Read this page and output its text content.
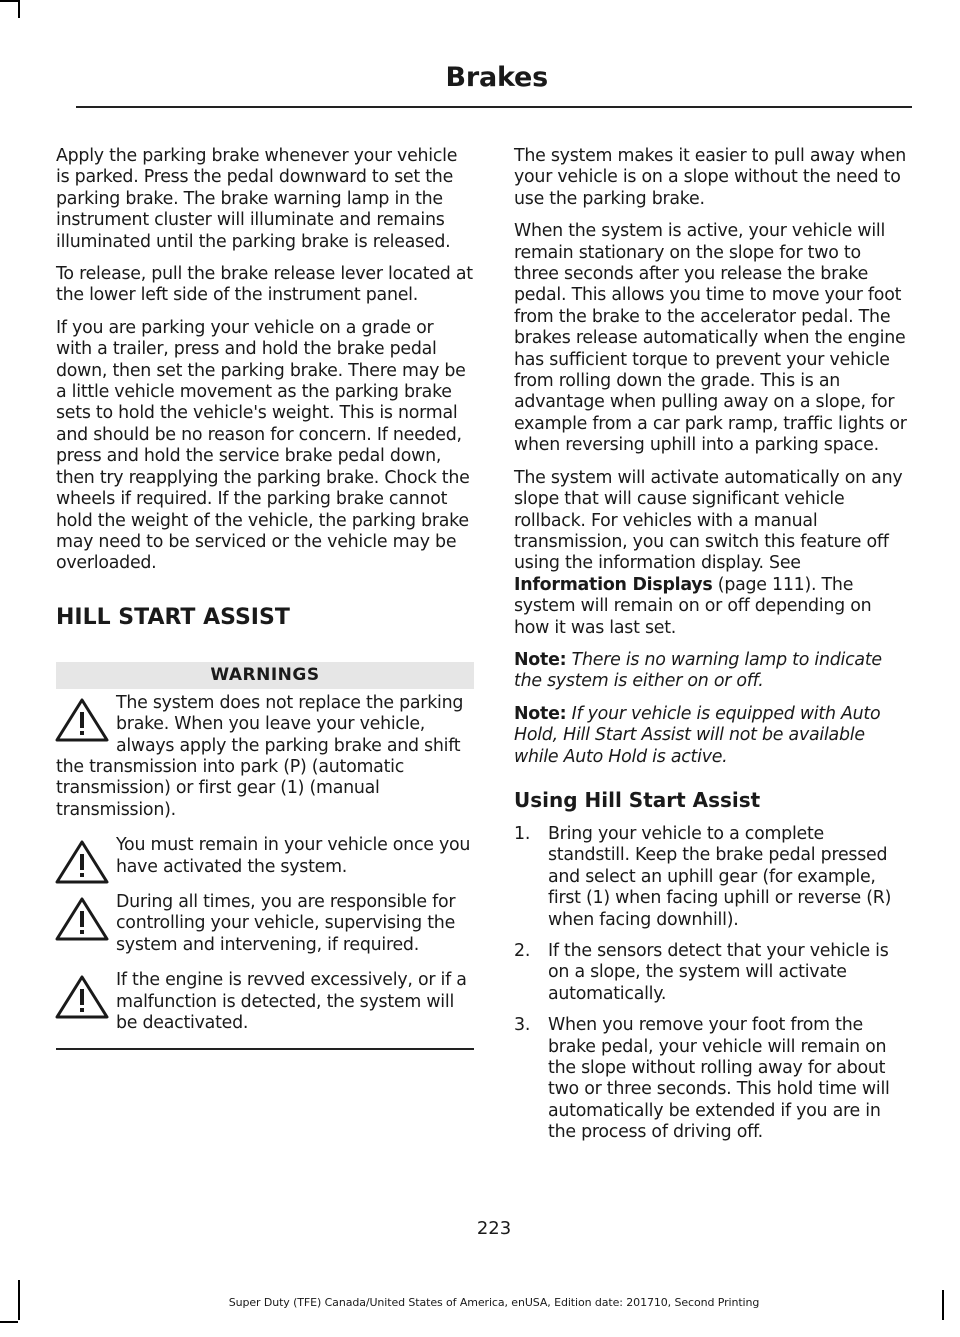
Brakes

Apply the parking brake whenever your vehicle is parked. Press the pedal downward to set the parking brake. The brake warning lamp in the instrument cluster will illuminate and remains illuminated until the parking brake is released.

To release, pull the brake release lever located at the lower left side of the instrument panel.

If you are parking your vehicle on a grade or with a trailer, press and hold the brake pedal down, then set the parking brake. There may be a little vehicle movement as the parking brake sets to hold the vehicle's weight. This is normal and should be no reason for concern. If needed, press and hold the service brake pedal down, then try reapplying the parking brake. Chock the wheels if required. If the parking brake cannot hold the weight of the vehicle, the parking brake may need to be serviced or the vehicle may be overloaded.

HILL START ASSIST
WARNINGS

The system does not replace the parking brake. When you leave your vehicle, always apply the parking brake and shift the transmission into park (P) (automatic transmission) or first gear (1) (manual transmission).

You must remain in your vehicle once you have activated the system.

During all times, you are responsible for controlling your vehicle, supervising the system and intervening, if required.

If the engine is revved excessively, or if a malfunction is detected, the system will be deactivated.

The system makes it easier to pull away when your vehicle is on a slope without the need to use the parking brake.

When the system is active, your vehicle will remain stationary on the slope for two to three seconds after you release the brake pedal. This allows you time to move your foot from the brake to the accelerator pedal. The brakes release automatically when the engine has sufficient torque to prevent your vehicle from rolling down the grade. This is an advantage when pulling away on a slope, for example from a car park ramp, traffic lights or when reversing uphill into a parking space.

The system will activate automatically on any slope that will cause significant vehicle rollback. For vehicles with a manual transmission, you can switch this feature off using the information display. See Information Displays (page 111). The system will remain on or off depending on how it was last set.

Note: There is no warning lamp to indicate the system is either on or off.

Note: If your vehicle is equipped with Auto Hold, Hill Start Assist will not be available while Auto Hold is active.

Using Hill Start Assist
1. Bring your vehicle to a complete standstill. Keep the brake pedal pressed and select an uphill gear (for example, first (1) when facing uphill or reverse (R) when facing downhill).
2. If the sensors detect that your vehicle is on a slope, the system will activate automatically.
3. When you remove your foot from the brake pedal, your vehicle will remain on the slope without rolling away for about two or three seconds. This hold time will automatically be extended if you are in the process of driving off.
223
Super Duty (TFE) Canada/United States of America, enUSA, Edition date: 201710, Second Printing
